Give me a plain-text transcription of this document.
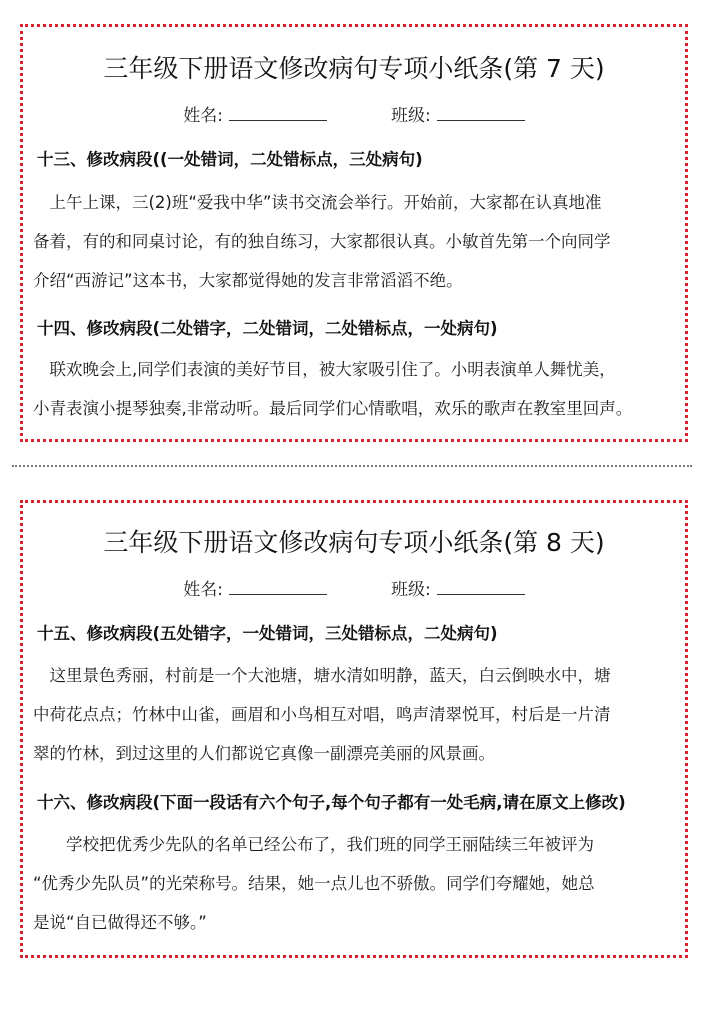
三年级下册语文修改病句专项小纸条(第 7 天)
姓名:	班级:
十三、修改病段((一处错词，二处错标点，三处病句)
　上午上课，三(2)班“爱我中华”读书交流会举行。开始前，大家都在认真地准
备着，有的和同桌讨论，有的独自练习，大家都很认真。小敏首先第一个向同学
介绍“西游记”这本书，大家都觉得她的发言非常滔滔不绝。
十四、修改病段(二处错字，二处错词，二处错标点，一处病句)
　联欢晚会上,同学们表演的美好节目，被大家吸引住了。小明表演单人舞忧美，
小青表演小提琴独奏,非常动听。最后同学们心情歌唱，欢乐的歌声在教室里回声。
三年级下册语文修改病句专项小纸条(第 8 天)
姓名:	班级:
十五、修改病段(五处错字，一处错词，三处错标点，二处病句)
　这里景色秀丽，村前是一个大池塘，塘水清如明静，蓝天，白云倒映水中，塘
中荷花点点；竹林中山雀，画眉和小鸟相互对唱，鸣声清翠悦耳，村后是一片清
翠的竹林，到过这里的人们都说它真像一副漂亮美丽的风景画。
十六、修改病段(下面一段话有六个句子,每个句子都有一处毛病,请在原文上修改)
　　学校把优秀少先队的名单已经公布了，我们班的同学王丽陆续三年被评为
“优秀少先队员”的光荣称号。结果，她一点儿也不骄傲。同学们夸耀她，她总
是说“自已做得还不够。”
